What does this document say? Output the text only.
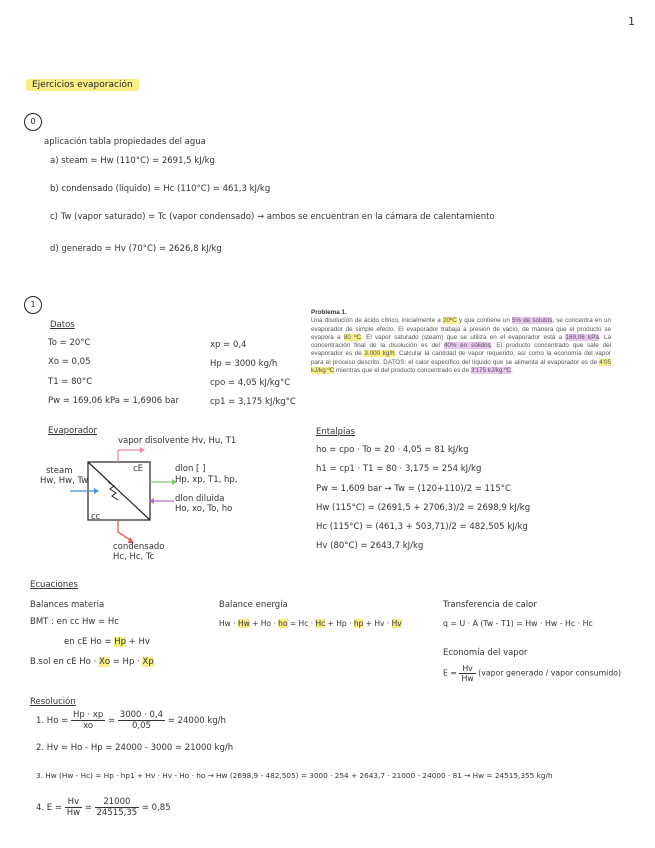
1
Ejercicios evaporación
0
aplicación tabla propiedades del agua
a) steam = Hw (110°C) = 2691,5 kJ/kg
b) condensado (líquido) = Hc (110°C) = 461,3 kJ/kg
c) Tw (vapor saturado) = Tc (vapor condensado) → ambos se encuentran en la cámara de calentamiento
d) generado = Hv (70°C) = 2626,8 kJ/kg
1
Datos
To = 20°C
Xo = 0,05
T1 = 80°C
Pw = 169,06 kPa = 1,6906 bar
xp = 0,4
Hp = 3000 kg/h
cpo = 4,05 kJ/kg°C
cp1 = 3,175 kJ/kg°C
Problema 1.
Una disolución de ácido cítrico, inicialmente a 20ºC y que contiene un 5% de solutos, se concentra en un evaporador de simple efecto. El evaporador trabaja a presión de vacío, de manera que el producto se evapora a 80 ºC. El vapor saturado (steam) que se utiliza en el evaporador está a 169,06 kPa. La concentración final de la disolución es del 40% en sólidos. El producto concentrado que sale del evaporador es de 3.000 kg/h. Calcular la cantidad de vapor requerido, así como la economía del vapor para el proceso descrito. DATOS: el calor específico del líquido que se alimenta al evaporador es de 4'05 kJ/kg ºC mientras que el del producto concentrado es de 3'175 kJ/kg ºC.
Evaporador
vapor disolvente Hv, Hu, T1
cE
cc
steam
Hw, Hw, Tw
dlon [ ]
Hp, xp, T1, hp,
dlon diluida
Ho, xo, To, ho
condensado
Hc, Hc, Tc
Entalpias
ho = cpo · To = 20 · 4,05 = 81 kJ/kg
h1 = cp1 · T1 = 80 · 3,175 = 254 kJ/kg
Pw = 1,609 bar → Tw = (120+110)/2 = 115°C
Hw (115°C) = (2691,5 + 2706,3)/2 = 2698,9 kJ/kg
Hc (115°C) = (461,3 + 503,71)/2 = 482,505 kJ/kg
Hv (80°C) = 2643,7 kJ/kg
Ecuaciones
Balances materia
BMT : en cc Hw = Hc
en cE Ho = Hp + Hv
B.sol en cE Ho · Xo = Hp · Xp
Balance energía
Hw · Hw + Ho · ho = Hc · Hc + Hp · hp + Hv · Hv
Transferencia de calor
q = U · A (Tw - T1) = Hw · Hw - Hc · Hc
Economía del vapor
$E = \frac{Hv}{Hw}$ (vapor generado / vapor consumido)
Resolución
1. $Ho = \frac{Hp \cdot xp}{xo} = \frac{3000 \cdot 0,4}{0,05} = 24000$ kg/h
2. Hv = Ho - Hp = 24000 - 3000 = 21000 kg/h
3. Hw (Hw - Hc) = Hp · hp1 + Hv · Hv - Ho · ho → Hw (2698,9 - 482,505) = 3000 · 254 + 2643,7 · 21000 - 24000 · 81 → Hw = 24515,355 kg/h
4. $E = \frac{Hv}{Hw} = \frac{21000}{24515,35} = 0,85$
